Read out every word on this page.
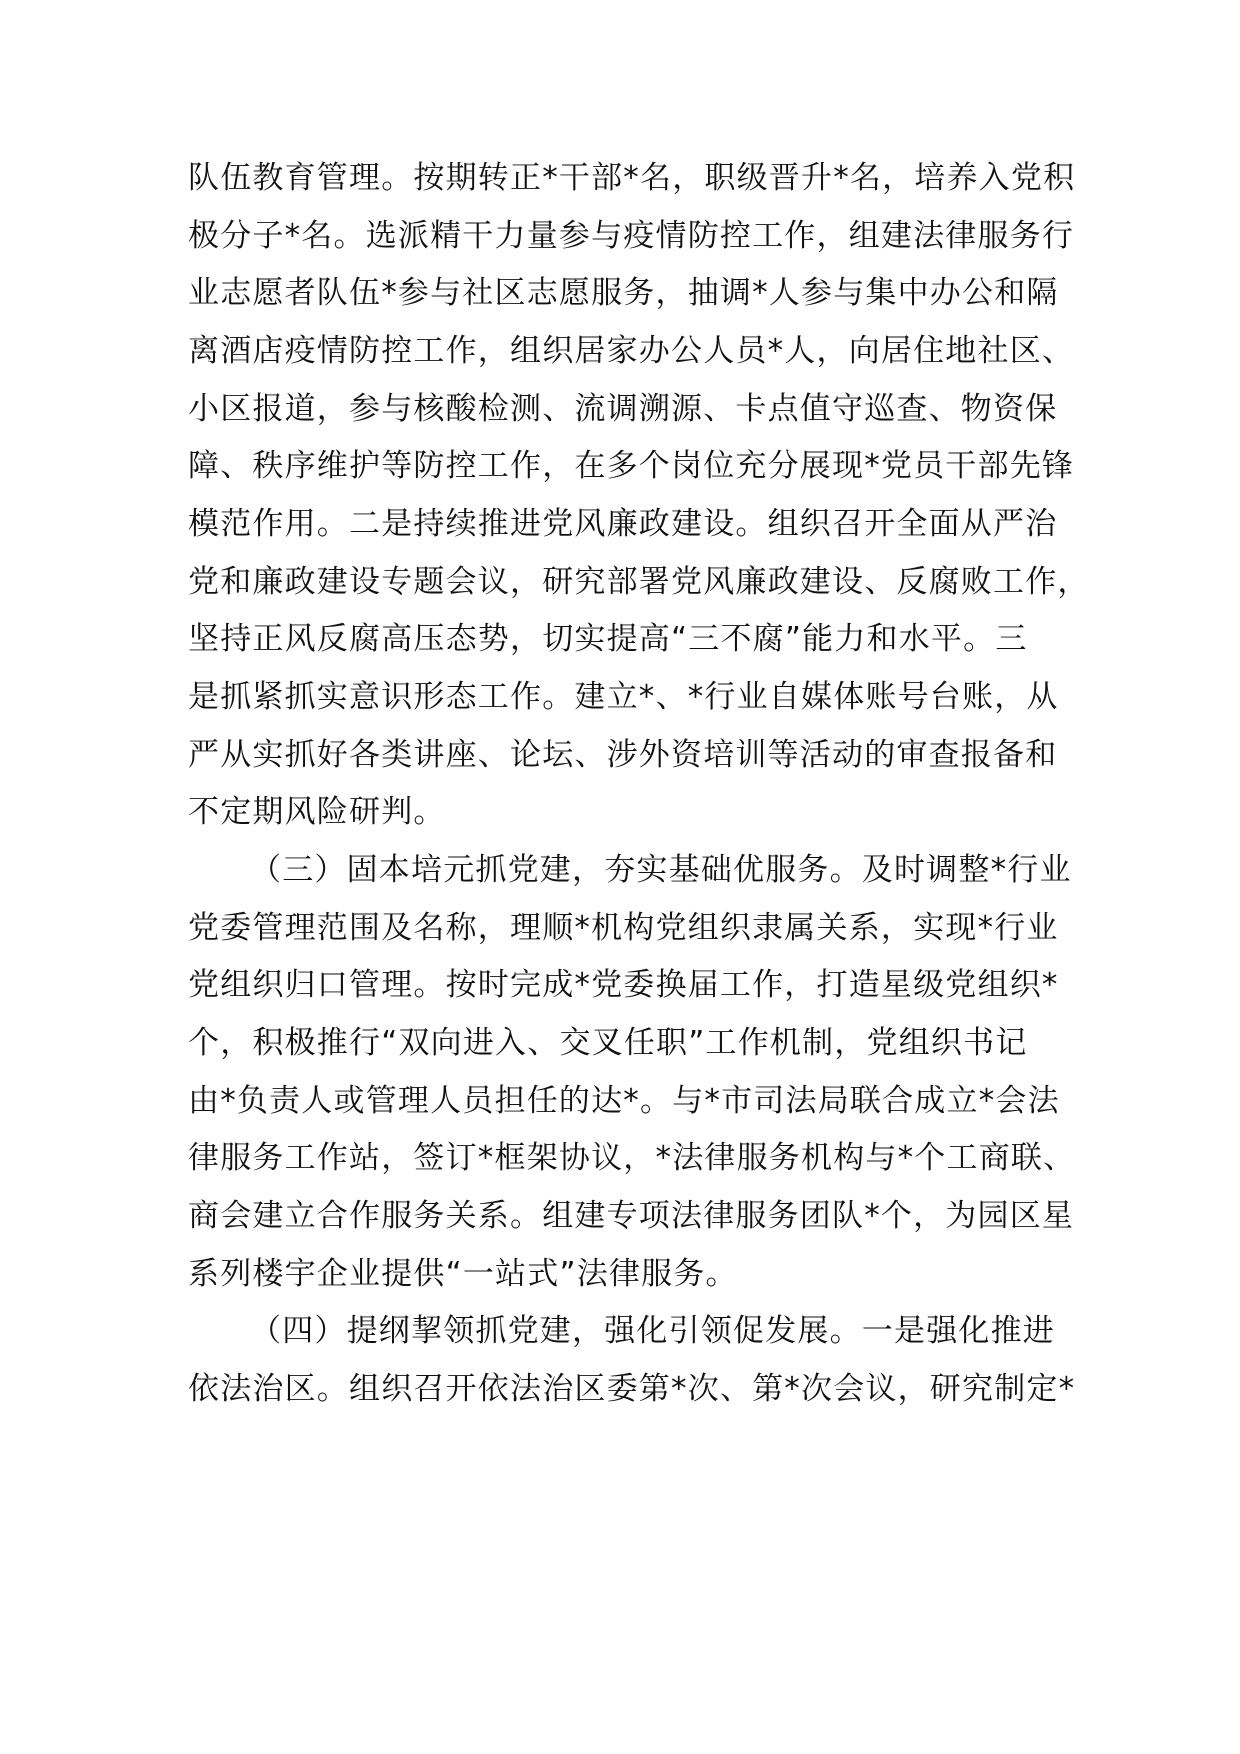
队伍教育管理。按期转正*干部*名，职级晋升*名，培养入党积
极分子*名。选派精干力量参与疫情防控工作，组建法律服务行
业志愿者队伍*参与社区志愿服务，抽调*人参与集中办公和隔
离酒店疫情防控工作，组织居家办公人员*人，向居住地社区、
小区报道，参与核酸检测、流调溯源、卡点值守巡查、物资保
障、秩序维护等防控工作，在多个岗位充分展现*党员干部先锋
模范作用。二是持续推进党风廉政建设。组织召开全面从严治
党和廉政建设专题会议，研究部署党风廉政建设、反腐败工作，
坚持正风反腐高压态势，切实提高“三不腐”能力和水平。三
是抓紧抓实意识形态工作。建立*、*行业自媒体账号台账，从
严从实抓好各类讲座、论坛、涉外资培训等活动的审查报备和
不定期风险研判。
（三）固本培元抓党建，夯实基础优服务。及时调整*行业
党委管理范围及名称，理顺*机构党组织隶属关系，实现*行业
党组织归口管理。按时完成*党委换届工作，打造星级党组织*
个，积极推行“双向进入、交叉任职”工作机制，党组织书记
由*负责人或管理人员担任的达*。与*市司法局联合成立*会法
律服务工作站，签订*框架协议，*法律服务机构与*个工商联、
商会建立合作服务关系。组建专项法律服务团队*个，为园区星
系列楼宇企业提供“一站式”法律服务。
（四）提纲挈领抓党建，强化引领促发展。一是强化推进
依法治区。组织召开依法治区委第*次、第*次会议，研究制定*
